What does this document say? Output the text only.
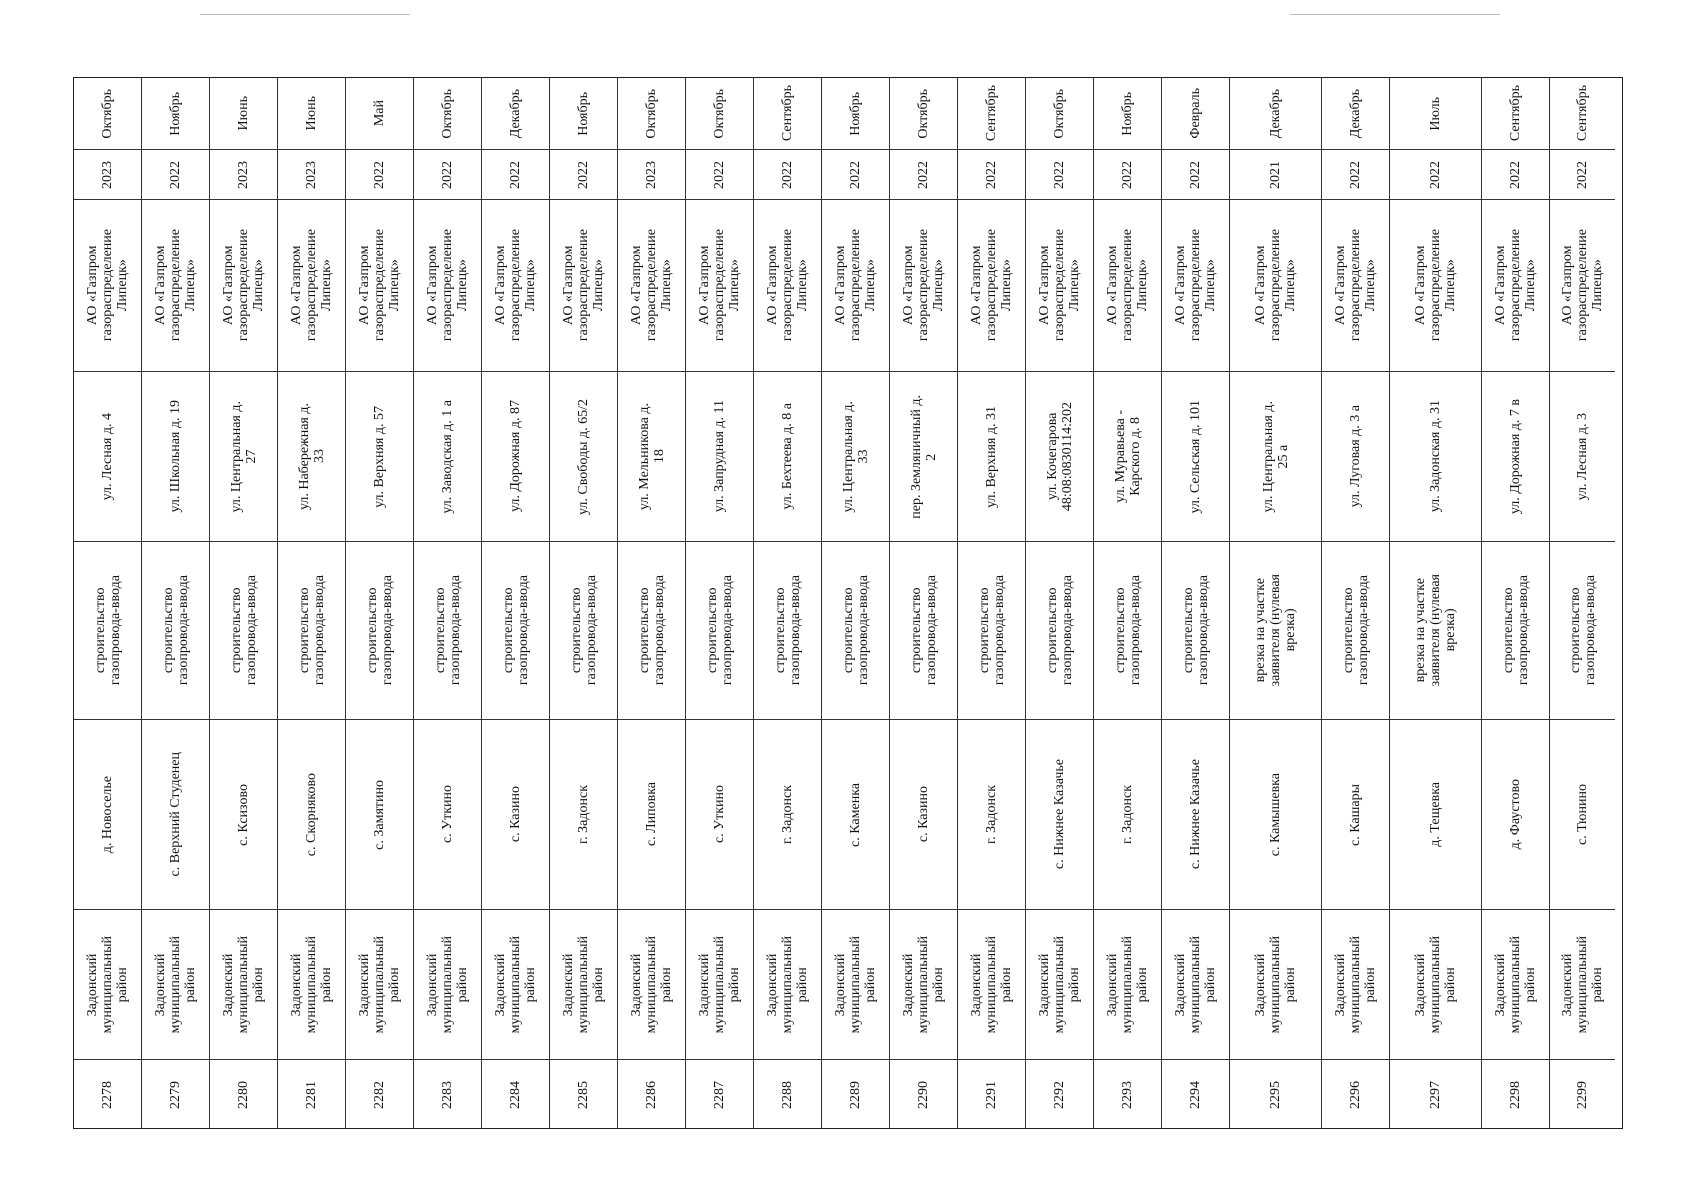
Октябрь
2023
АО «Газпром
газораспределение
Липецк»
ул. Лесная д. 4
строительство
газопровода-ввода
д. Новоселье
Задонский
муниципальный
район
2278
Ноябрь
2022
АО «Газпром
газораспределение
Липецк»
ул. Школьная д. 19
строительство
газопровода-ввода
с. Верхний Студенец
Задонский
муниципальный
район
2279
Июнь
2023
АО «Газпром
газораспределение
Липецк»
ул. Центральная д.
27
строительство
газопровода-ввода
с. Ксизово
Задонский
муниципальный
район
2280
Июнь
2023
АО «Газпром
газораспределение
Липецк»
ул. Набережная д.
33
строительство
газопровода-ввода
с. Скорняково
Задонский
муниципальный
район
2281
Май
2022
АО «Газпром
газораспределение
Липецк»
ул. Верхняя д. 57
строительство
газопровода-ввода
с. Замятино
Задонский
муниципальный
район
2282
Октябрь
2022
АО «Газпром
газораспределение
Липецк»
ул. Заводская д. 1 а
строительство
газопровода-ввода
с. Уткино
Задонский
муниципальный
район
2283
Декабрь
2022
АО «Газпром
газораспределение
Липецк»
ул. Дорожная д. 87
строительство
газопровода-ввода
с. Казино
Задонский
муниципальный
район
2284
Ноябрь
2022
АО «Газпром
газораспределение
Липецк»
ул. Свободы д. 65/2
строительство
газопровода-ввода
г. Задонск
Задонский
муниципальный
район
2285
Октябрь
2023
АО «Газпром
газораспределение
Липецк»
ул. Мельникова д.
18
строительство
газопровода-ввода
с. Липовка
Задонский
муниципальный
район
2286
Октябрь
2022
АО «Газпром
газораспределение
Липецк»
ул. Запрудная д. 11
строительство
газопровода-ввода
с. Уткино
Задонский
муниципальный
район
2287
Сентябрь
2022
АО «Газпром
газораспределение
Липецк»
ул. Бехтеева д. 8 а
строительство
газопровода-ввода
г. Задонск
Задонский
муниципальный
район
2288
Ноябрь
2022
АО «Газпром
газораспределение
Липецк»
ул. Центральная д.
33
строительство
газопровода-ввода
с. Каменка
Задонский
муниципальный
район
2289
Октябрь
2022
АО «Газпром
газораспределение
Липецк»
пер. Земляничный д.
2
строительство
газопровода-ввода
с. Казино
Задонский
муниципальный
район
2290
Сентябрь
2022
АО «Газпром
газораспределение
Липецк»
ул. Верхняя д. 31
строительство
газопровода-ввода
г. Задонск
Задонский
муниципальный
район
2291
Октябрь
2022
АО «Газпром
газораспределение
Липецк»
ул. Кочегарова
48:08:0830114:202
строительство
газопровода-ввода
с. Нижнее Казачье
Задонский
муниципальный
район
2292
Ноябрь
2022
АО «Газпром
газораспределение
Липецк»
ул. Муравьева -
Карского д. 8
строительство
газопровода-ввода
г. Задонск
Задонский
муниципальный
район
2293
Февраль
2022
АО «Газпром
газораспределение
Липецк»
ул. Сельская д. 101
строительство
газопровода-ввода
с. Нижнее Казачье
Задонский
муниципальный
район
2294
Декабрь
2021
АО «Газпром
газораспределение
Липецк»
ул. Центральная д.
25 а
врезка на участке
заявителя (нулевая
врезка)
с. Камышевка
Задонский
муниципальный
район
2295
Декабрь
2022
АО «Газпром
газораспределение
Липецк»
ул. Луговая д. 3 а
строительство
газопровода-ввода
с. Кашары
Задонский
муниципальный
район
2296
Июль
2022
АО «Газпром
газораспределение
Липецк»
ул. Задонская д. 31
врезка на участке
заявителя (нулевая
врезка)
д. Тещевка
Задонский
муниципальный
район
2297
Сентябрь
2022
АО «Газпром
газораспределение
Липецк»
ул. Дорожная д. 7 в
строительство
газопровода-ввода
д. Фаустово
Задонский
муниципальный
район
2298
Сентябрь
2022
АО «Газпром
газораспределение
Липецк»
ул. Лесная д. 3
строительство
газопровода-ввода
с. Тюнино
Задонский
муниципальный
район
2299
